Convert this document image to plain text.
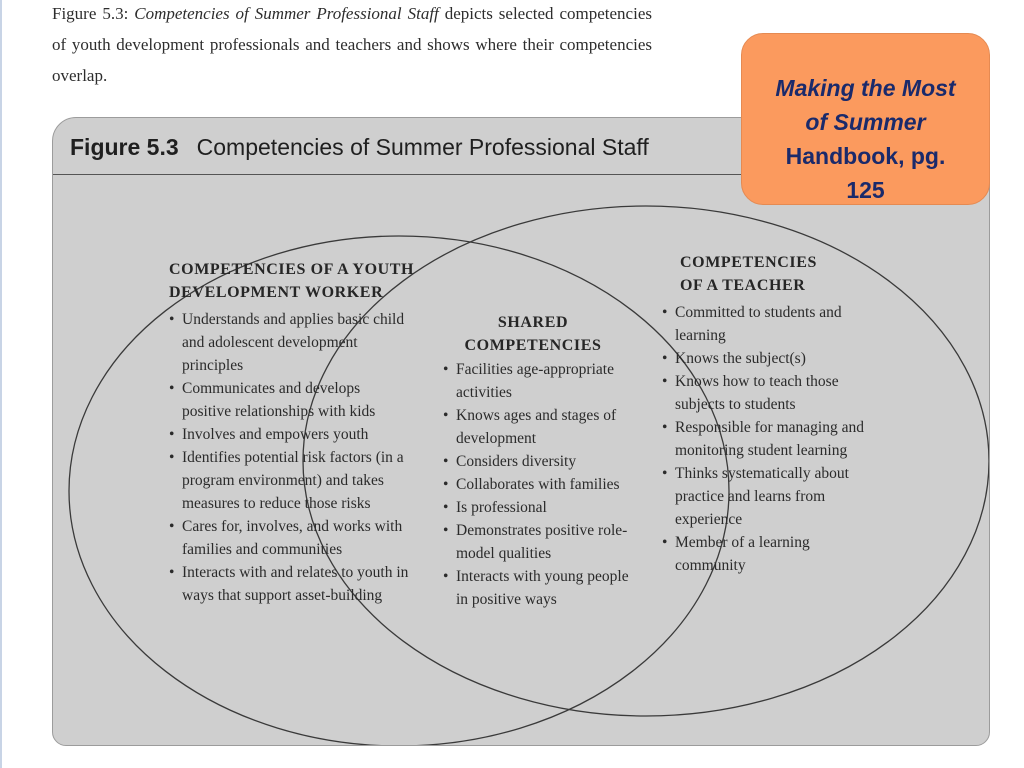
Figure 5.3: Competencies of Summer Professional Staff depicts selected competencies of youth development professionals and teachers and shows where their competencies overlap.
Figure 5.3 Competencies of Summer Professional Staff
COMPETENCIES OF A YOUTH
DEVELOPMENT WORKER
• Understands and applies basic child and adolescent development principles
• Communicates and develops positive relationships with kids
• Involves and empowers youth
• Identifies potential risk factors (in a program environment) and takes measures to reduce those risks
• Cares for, involves, and works with families and communities
• Interacts with and relates to youth in ways that support asset-building
SHARED
COMPETENCIES
• Facilities age-appropriate activities
• Knows ages and stages of development
• Considers diversity
• Collaborates with families
• Is professional
• Demonstrates positive role-model qualities
• Interacts with young people in positive ways
COMPETENCIES
OF A TEACHER
• Committed to students and learning
• Knows the subject(s)
• Knows how to teach those subjects to students
• Responsible for managing and monitoring student learning
• Thinks systematically about practice and learns from experience
• Member of a learning community
Making the Most
of Summer
Handbook, pg.
125
